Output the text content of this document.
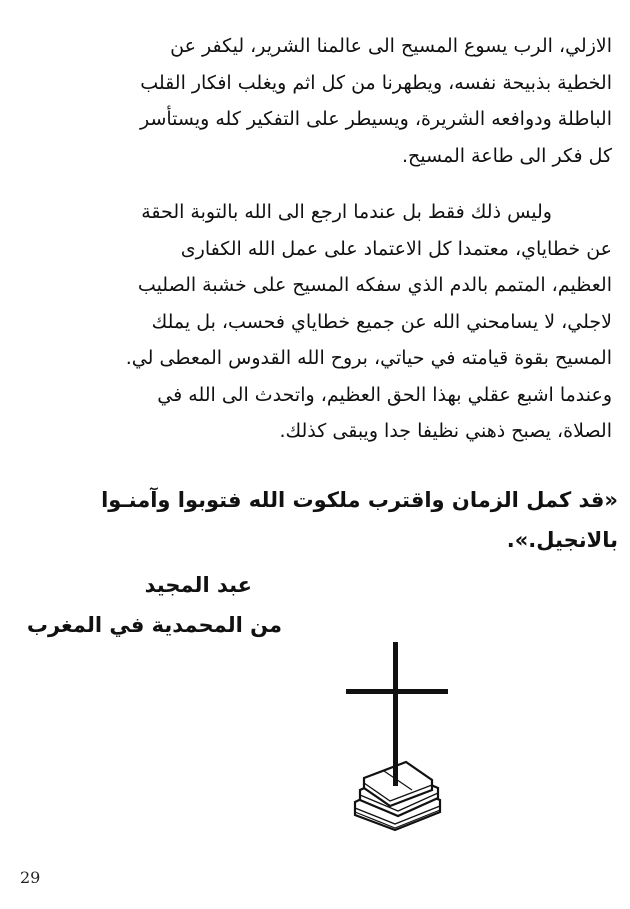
الازلي، الرب يسوع المسيح الى عالمنا الشرير، ليكفر عن
الخطية بذبيحة نفسه، ويطهرنا من كل اثم ويغلب افكار القلب
الباطلة ودوافعه الشريرة، ويسيطر على التفكير كله ويستأسر
كل فكر الى طاعة المسيح.

وليس ذلك فقط بل عندما ارجع الى الله بالتوبة الحقة
عن خطاياي، معتمدا كل الاعتماد على عمل الله الكفارى
العظيم، المتمم بالدم الذي سفكه المسيح على خشبة الصليب
لاجلي، لا يسامحني الله عن جميع خطاياي فحسب، بل يملك
المسيح بقوة قيامته في حياتي، بروح الله القدوس المعطى لي.
وعندما اشبع عقلي بهذا الحق العظيم، واتحدث الى الله في
الصلاة، يصبح ذهني نظيفا جدا ويبقى كذلك.

«قد كمل الزمان واقترب ملكوت الله فتوبوا وآمنـوا
بالانجيل.».

عبد المجيد
من المحمدية في المغرب
29
